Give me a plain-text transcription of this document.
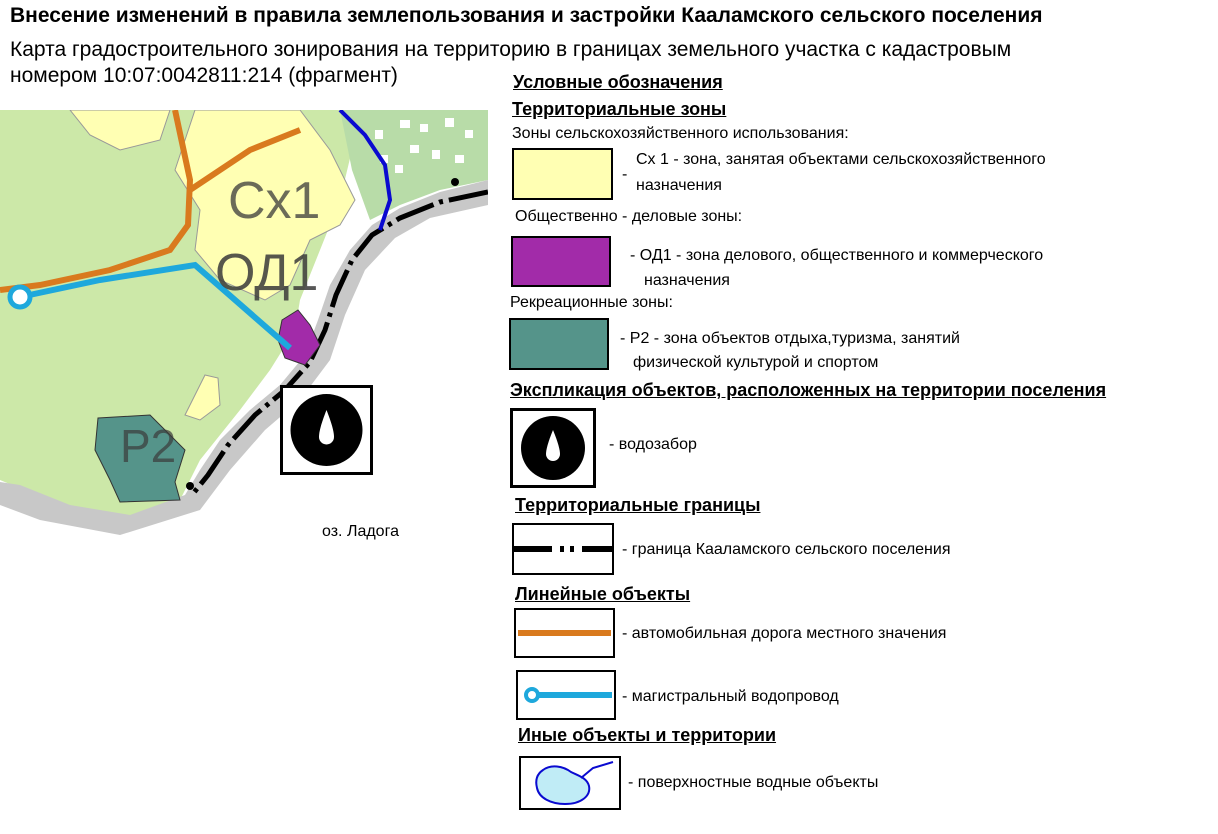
Внесение изменений в правила землепользования и застройки Кааламского сельского поселения
Карта градостроительного зонирования на территорию в границах земельного участка с кадастровым
номером 10:07:0042811:214 (фрагмент)
Сх1
ОД1
Р2
оз. Ладога
Условные обозначения
Территориальные зоны
Зоны сельскохозяйственного использования:
-
Сх 1 - зона, занятая объектами сельскохозяйственного
назначения
Общественно - деловые зоны:
- ОД1 - зона делового, общественного и коммерческого
назначения
Рекреационные зоны:
- Р2 - зона объектов отдыха,туризма, занятий
физической культурой и спортом
Экспликация объектов, расположенных на территории поселения
- водозабор
Территориальные границы
- граница Кааламского сельского поселения
Линейные объекты
- автомобильная дорога местного значения
- магистральный водопровод
Иные объекты и территории
- поверхностные водные объекты
